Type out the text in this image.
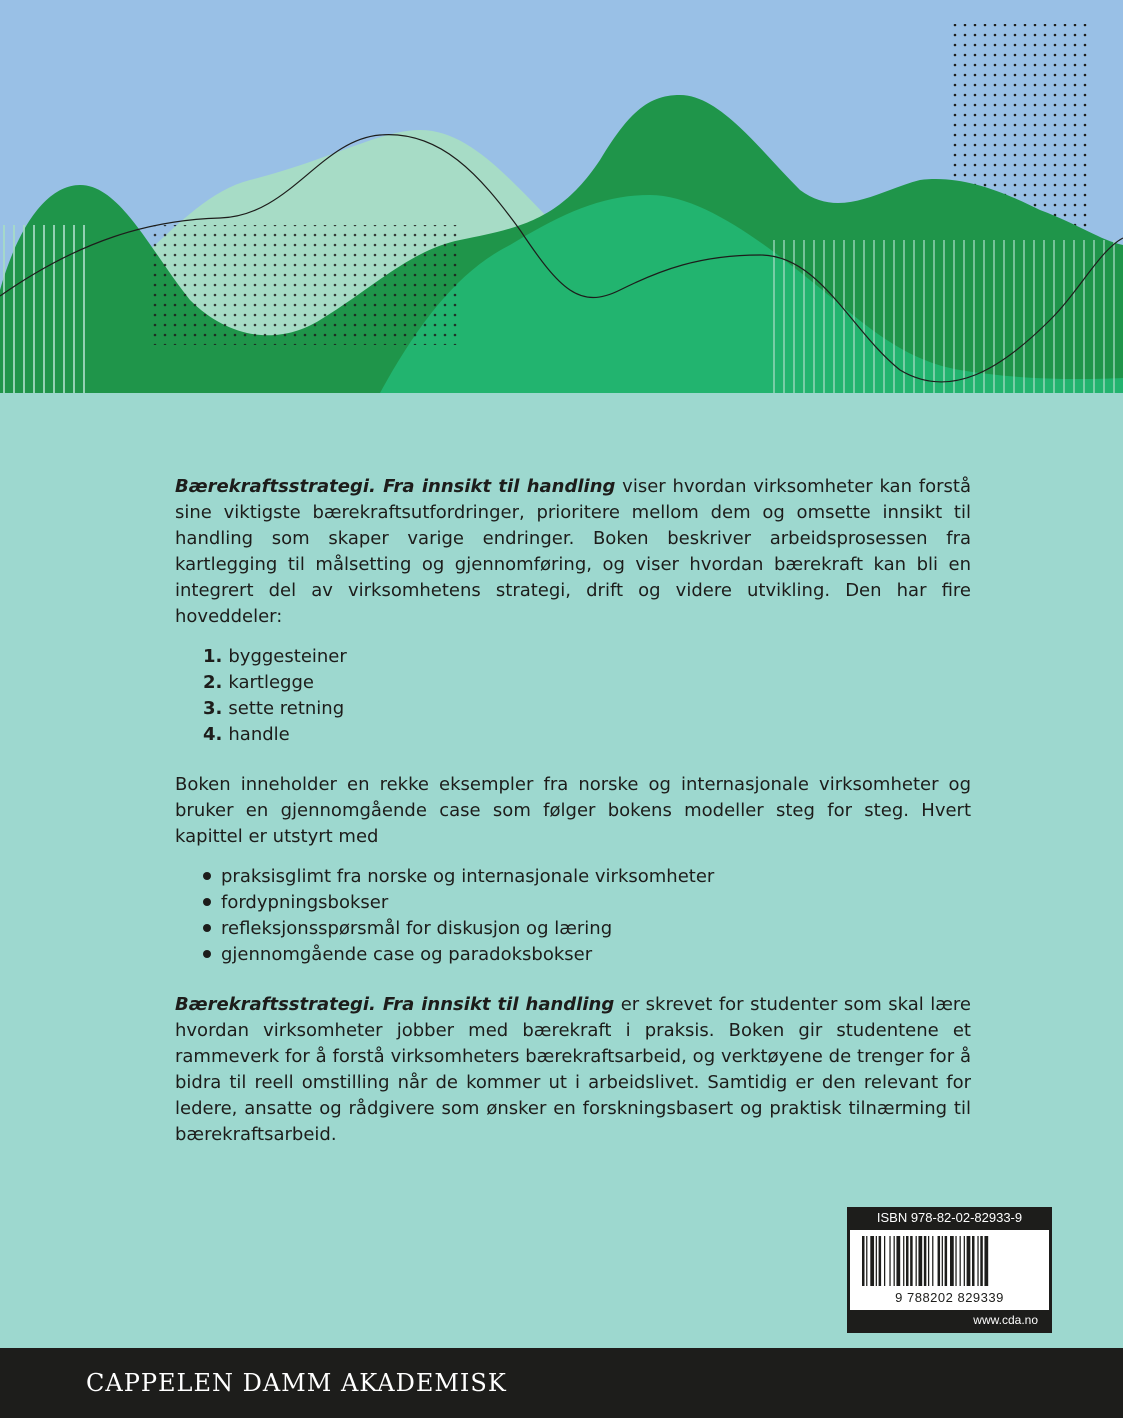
Bærekraftsstrategi. Fra innsikt til handling viser hvordan virksomheter kan forstå sine viktigste bærekraftsutfordringer, prioritere mellom dem og omsette innsikt til handling som skaper varige endringer. Boken beskriver arbeidsprosessen fra kartlegging til målsetting og gjennomføring, og viser hvordan bærekraft kan bli en integrert del av virksomhetens strategi, drift og videre utvikling. Den har fire hoveddeler:

1. byggesteiner
2. kartlegge
3. sette retning
4. handle

Boken inneholder en rekke eksempler fra norske og internasjonale virksomheter og bruker en gjennomgående case som følger bokens modeller steg for steg. Hvert kapittel er utstyrt med

praksisglimt fra norske og internasjonale virksomheter
fordypningsbokser
refleksjonsspørsmål for diskusjon og læring
gjennomgående case og paradoksbokser

Bærekraftsstrategi. Fra innsikt til handling er skrevet for studenter som skal lære hvordan virksomheter jobber med bærekraft i praksis. Boken gir studentene et rammeverk for å forstå virksomheters bærekraftsarbeid, og verktøyene de trenger for å bidra til reell omstilling når de kommer ut i arbeidslivet. Samtidig er den relevant for ledere, ansatte og rådgivere som ønsker en forskningsbasert og praktisk tilnærming til bærekraftsarbeid.

ISBN 978-82-02-82933-9
9 788202 829339
www.cda.no
CAPPELEN DAMM AKADEMISK
